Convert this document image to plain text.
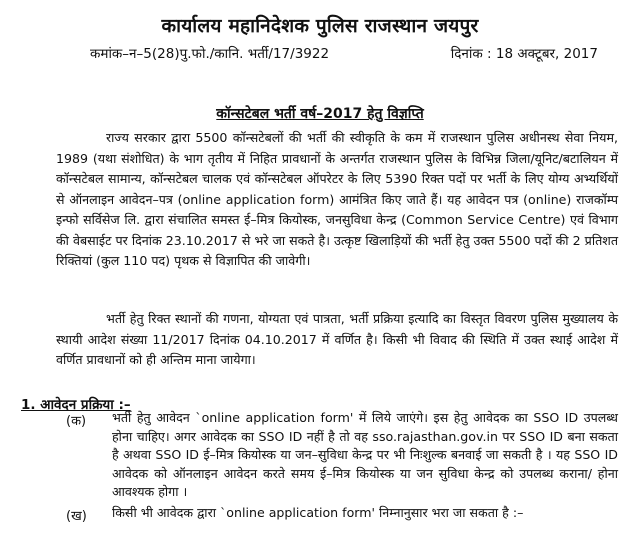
कार्यालय महानिदेशक पुलिस राजस्थान जयपुर
कमांक–न–5(28)पु.फो./कानि. भर्ती/17/3922	दिनांक : 18 अक्टूबर, 2017
कॉन्सटेबल भर्ती वर्ष–2017 हेतु विज्ञप्ति

राज्य सरकार द्वारा 5500 कॉन्सटेबलों की भर्ती की स्वीकृति के कम में राजस्थान पुलिस अधीनस्थ सेवा नियम, 1989 (यथा संशोधित) के भाग तृतीय में निहित प्रावधानों के अन्तर्गत राजस्थान पुलिस के विभिन्न जिला/यूनिट/बटालियन में कॉन्सटेबल सामान्य, कॉन्सटेबल चालक एवं कॉन्सटेबल ऑपरेटर के लिए 5390 रिक्त पदों पर भर्ती के लिए योग्य अभ्यर्थियों से ऑनलाइन आवेदन–पत्र (online application form) आमंत्रित किए जाते हैं। यह आवेदन पत्र (online) राजकॉम्प इन्फो सर्विसेज लि. द्वारा संचालित समस्त ई–मित्र कियोस्क, जनसुविधा केन्द्र (Common Service Centre) एवं विभाग की वेबसाईट पर दिनांक 23.10.2017 से भरे जा सकते है। उत्कृष्ट खिलाड़ियों की भर्ती हेतु उक्त 5500 पदों की 2 प्रतिशत रिक्तियां (कुल 110 पद) पृथक से विज्ञापित की जावेगी।

भर्ती हेतु रिक्त स्थानों की गणना, योग्यता एवं पात्रता, भर्ती प्रक्रिया इत्यादि का विस्तृत विवरण पुलिस मुख्यालय के स्थायी आदेश संख्या 11/2017 दिनांक 04.10.2017 में वर्णित है। किसी भी विवाद की स्थिति में उक्त स्थाई आदेश में वर्णित प्रावधानों को ही अन्तिम माना जायेगा।

1. आवेदन प्रक्रिया :–
(क) भर्ती हेतु आवेदन `online application form' में लिये जाएंगे। इस हेतु आवेदक का SSO ID उपलब्ध होना चाहिए। अगर आवेदक का SSO ID नहीं है तो वह sso.rajasthan.gov.in पर SSO ID बना सकता है अथवा SSO ID ई–मित्र कियोस्क या जन–सुविधा केन्द्र पर भी निःशुल्क बनवाई जा सकती है । यह SSO ID आवेदक को ऑनलाइन आवेदन करते समय ई–मित्र कियोस्क या जन सुविधा केन्द्र को उपलब्ध कराना/ होना आवश्यक होगा ।

(ख) किसी भी आवेदक द्वारा `online application form' निम्नानुसार भरा जा सकता है :–
